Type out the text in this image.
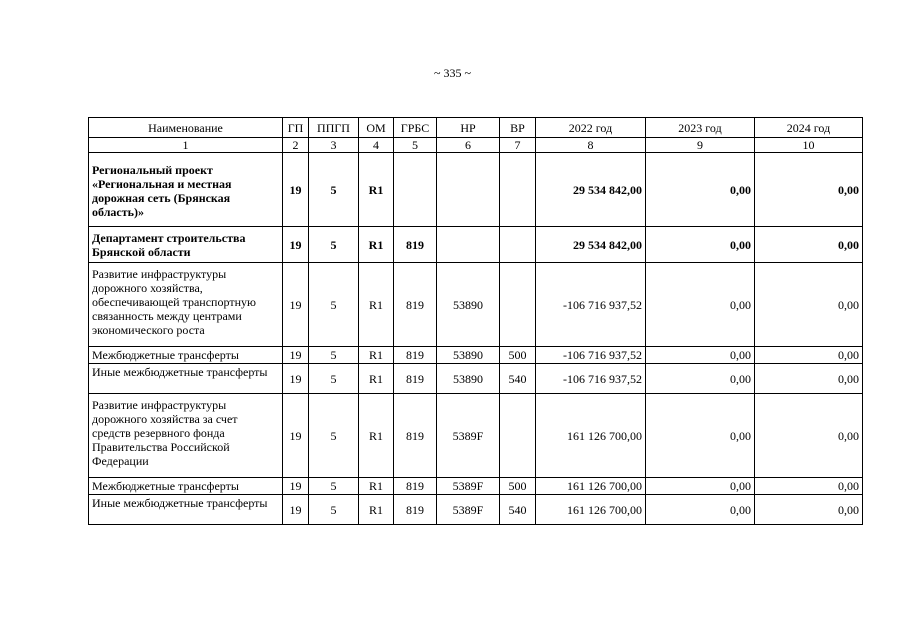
~ 335 ~
Наименование	ГП	ППГП	ОМ	ГРБС	НР	ВР	2022 год	2023 год	2024 год
1	2	3	4	5	6	7	8	9	10
Региональный проект «Региональная и местная дорожная сеть (Брянская область)»	19	5	R1				29 534 842,00	0,00	0,00
Департамент строительства Брянской области	19	5	R1	819			29 534 842,00	0,00	0,00
Развитие инфраструктуры дорожного хозяйства, обеспечивающей транспортную связанность между центрами экономического роста	19	5	R1	819	53890		-106 716 937,52	0,00	0,00
Межбюджетные трансферты	19	5	R1	819	53890	500	-106 716 937,52	0,00	0,00
Иные межбюджетные трансферты	19	5	R1	819	53890	540	-106 716 937,52	0,00	0,00
Развитие инфраструктуры дорожного хозяйства за счет средств резервного фонда Правительства Российской Федерации	19	5	R1	819	5389F		161 126 700,00	0,00	0,00
Межбюджетные трансферты	19	5	R1	819	5389F	500	161 126 700,00	0,00	0,00
Иные межбюджетные трансферты	19	5	R1	819	5389F	540	161 126 700,00	0,00	0,00
